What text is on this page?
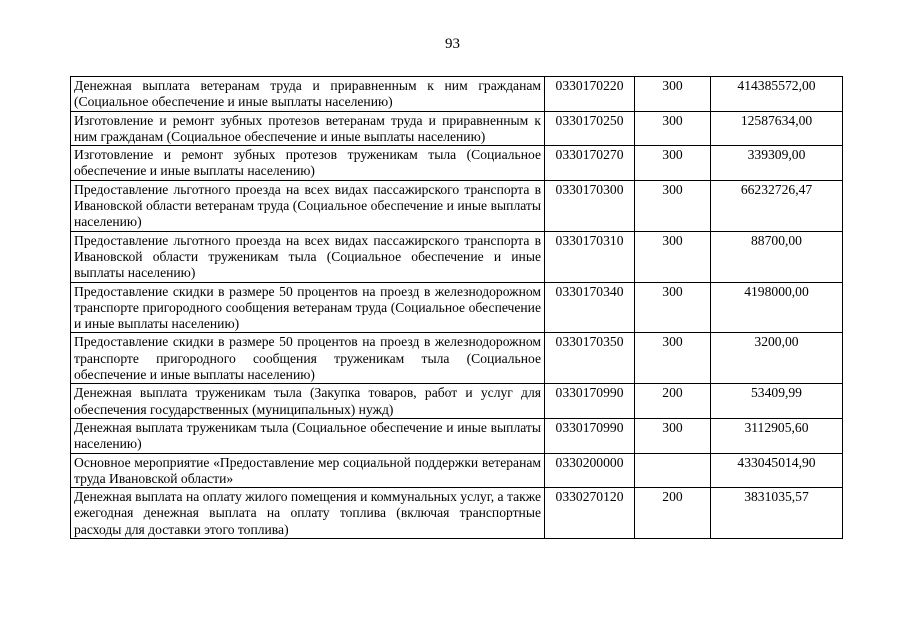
93
Денежная выплата ветеранам труда и приравненным к ним гражданам (Социальное обеспечение и иные выплаты населению)	0330170220	300	414385572,00
Изготовление и ремонт зубных протезов ветеранам труда и приравненным к ним гражданам (Социальное обеспечение и иные выплаты населению)	0330170250	300	12587634,00
Изготовление и ремонт зубных протезов труженикам тыла (Социальное обеспечение и иные выплаты населению)	0330170270	300	339309,00
Предоставление льготного проезда на всех видах пассажирского транспорта в Ивановской области ветеранам труда (Социальное обеспечение и иные выплаты населению)	0330170300	300	66232726,47
Предоставление льготного проезда на всех видах пассажирского транспорта в Ивановской области труженикам тыла (Социальное обеспечение и иные выплаты населению)	0330170310	300	88700,00
Предоставление скидки в размере 50 процентов на проезд в железнодорожном транспорте пригородного сообщения ветеранам труда (Социальное обеспечение и иные выплаты населению)	0330170340	300	4198000,00
Предоставление скидки в размере 50 процентов на проезд в железнодорожном транспорте пригородного сообщения труженикам тыла (Социальное обеспечение и иные выплаты населению)	0330170350	300	3200,00
Денежная выплата труженикам тыла (Закупка товаров, работ и услуг для обеспечения государственных (муниципальных) нужд)	0330170990	200	53409,99
Денежная выплата труженикам тыла (Социальное обеспечение и иные выплаты населению)	0330170990	300	3112905,60
Основное мероприятие «Предоставление мер социальной поддержки ветеранам труда Ивановской области»	0330200000		433045014,90
Денежная выплата на оплату жилого помещения и коммунальных услуг, а также ежегодная денежная выплата на оплату топлива (включая транспортные расходы для доставки этого топлива)	0330270120	200	3831035,57
